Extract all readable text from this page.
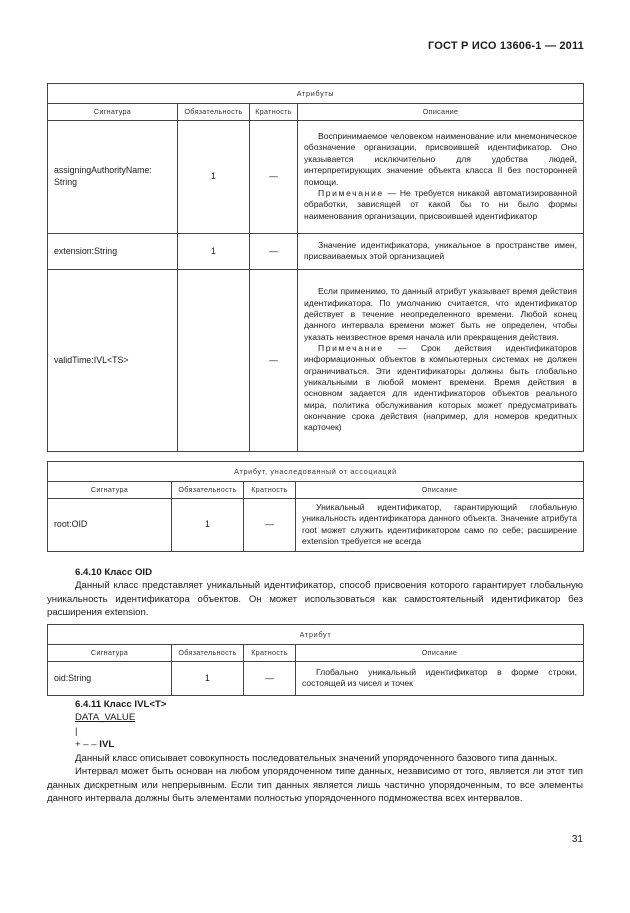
ГОСТ Р ИСО 13606-1 — 2011
Атрибуты			
Сигнатура	Обязательность	Кратность	Описание
assigningAuthorityName: String	1	—	Воспринимаемое человеком наименование или мнемоническое обозначение организации, присвоившей идентификатор. Оно указывается исключительно для удобства людей, интерпретирующих значение объекта класса II без посторонней помощи.

Примечание — Не требуется никакой автоматизированной обработки, зависящей от какой бы то ни было формы наименования организации, присвоившей идентификатор

extension:String	1	—	Значение идентификатора, уникальное в пространстве имен, присваиваемых этой организацией

validTime:IVL<TS>		—	Если применимо, то данный атрибут указывает время действия идентификатора. По умолчанию считается, что идентификатор действует в течение неопределенного времени. Любой конец данного интервала времени может быть не определен, чтобы указать неизвестное время начала или прекращения действия.

Примечание — Срок действия идентификаторов информационных объектов в компьютерных системах не должен ограничиваться. Эти идентификаторы должны быть глобально уникальными в любой момент времени. Время действия в основном задается для идентификаторов объектов реального мира, политика обслуживания которых может предусматривать окончание срока действия (например, для номеров кредитных карточек)

Атрибут, унаследованный от ассоциаций			
Сигнатура	Обязательность	Кратность	Описание
root:OID	1	—	Уникальный идентификатор, гарантирующий глобальную уникальность идентификатора данного объекта. Значение атрибута root может служить идентификатором само по себе; расширение extension требуется не всегда

6.4.10 Класс OID

Данный класс представляет уникальный идентификатор, способ присвоения которого гарантирует глобальную уникальность идентификатора объектов. Он может использоваться как самостоятельный идентификатор без расширения extension.

Атрибут			
Сигнатура	Обязательность	Кратность	Описание
oid:String	1	—	Глобально уникальный идентификатор в форме строки, состоящей из чисел и точек

6.4.11 Класс IVL<T>

DATA_VALUE
|
+ – – IVL

Данный класс описывает совокупность последовательных значений упорядоченного базового типа данных.

Интервал может быть основан на любом упорядоченном типе данных, независимо от того, является ли этот тип данных дискретным или непрерывным. Если тип данных является лишь частично упорядоченным, то все элементы данного интервала должны быть элементами полностью упорядоченного подмножества всех интервалов.

31
